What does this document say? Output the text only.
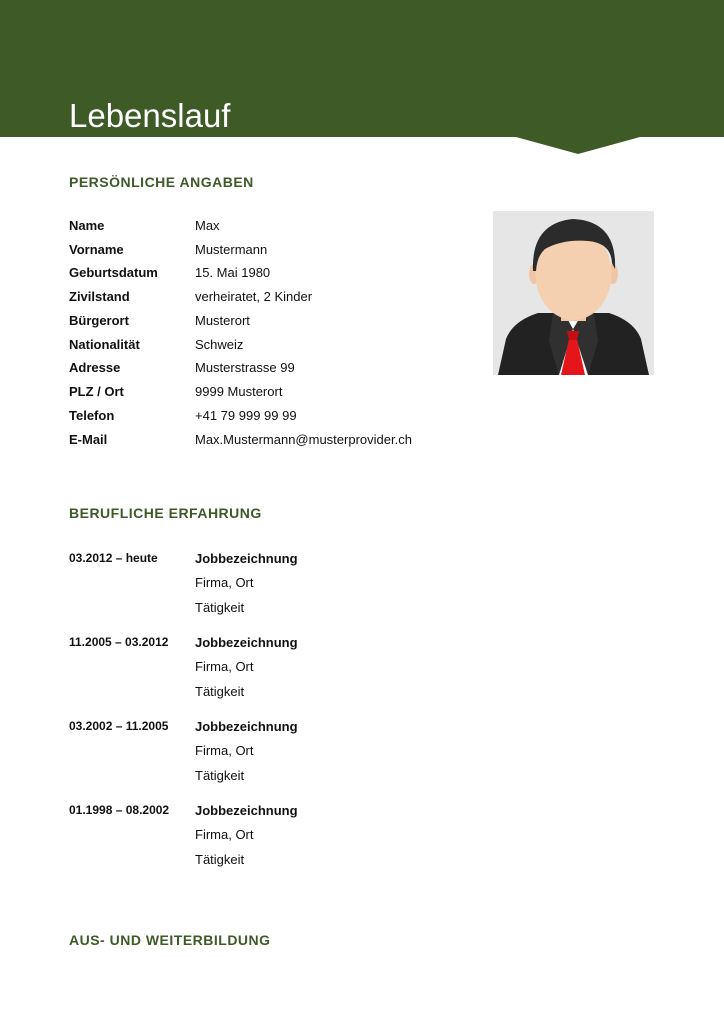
Lebenslauf
PERSÖNLICHE ANGABEN
Name	Max
Vorname	Mustermann
Geburtsdatum	15. Mai 1980
Zivilstand	verheiratet, 2 Kinder
Bürgerort	Musterort
Nationalität	Schweiz
Adresse	Musterstrasse 99
PLZ / Ort	9999 Musterort
Telefon	+41 79 999 99 99
E-Mail	Max.Mustermann@musterprovider.ch
BERUFLICHE ERFAHRUNG
03.2012 – heute	Jobbezeichnung
Firma, Ort
Tätigkeit
11.2005 – 03.2012 Jobbezeichnung
Firma, Ort
Tätigkeit
03.2002 – 11.2005 Jobbezeichnung
Firma, Ort
Tätigkeit
01.1998 – 08.2002 Jobbezeichnung
Firma, Ort
Tätigkeit
AUS- UND WEITERBILDUNG
